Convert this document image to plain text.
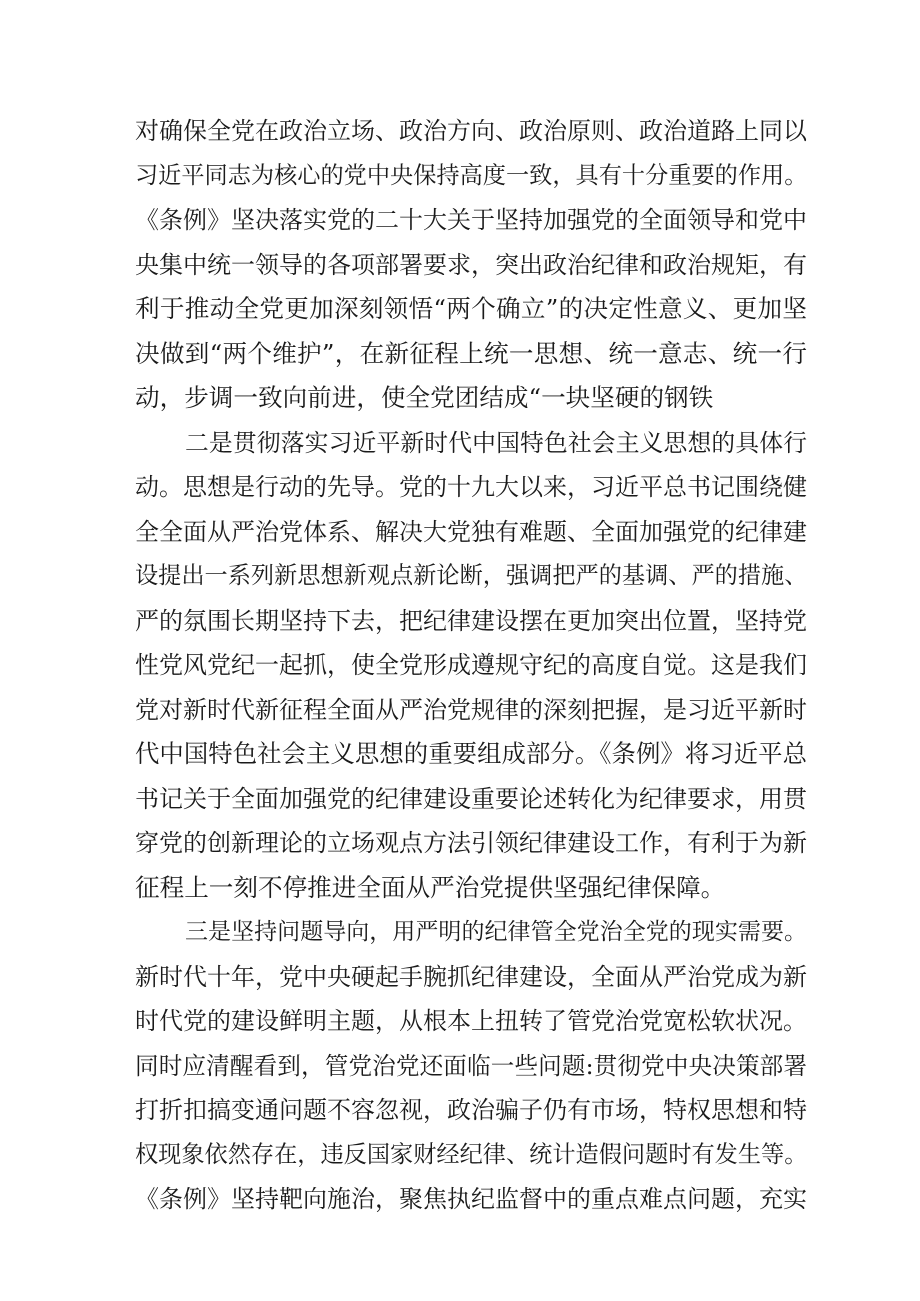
对确保全党在政治立场、政治方向、政治原则、政治道路上同以
习近平同志为核心的党中央保持高度一致，具有十分重要的作用。
《条例》坚决落实党的二十大关于坚持加强党的全面领导和党中
央集中统一领导的各项部署要求，突出政治纪律和政治规矩，有
利于推动全党更加深刻领悟“两个确立”的决定性意义、更加坚
决做到“两个维护”，在新征程上统一思想、统一意志、统一行
动，步调一致向前进，使全党团结成“一块坚硬的钢铁
二是贯彻落实习近平新时代中国特色社会主义思想的具体行
动。思想是行动的先导。党的十九大以来，习近平总书记围绕健
全全面从严治党体系、解决大党独有难题、全面加强党的纪律建
设提出一系列新思想新观点新论断，强调把严的基调、严的措施、
严的氛围长期坚持下去，把纪律建设摆在更加突出位置，坚持党
性党风党纪一起抓，使全党形成遵规守纪的高度自觉。这是我们
党对新时代新征程全面从严治党规律的深刻把握，是习近平新时
代中国特色社会主义思想的重要组成部分。《条例》将习近平总
书记关于全面加强党的纪律建设重要论述转化为纪律要求，用贯
穿党的创新理论的立场观点方法引领纪律建设工作，有利于为新
征程上一刻不停推进全面从严治党提供坚强纪律保障。
三是坚持问题导向，用严明的纪律管全党治全党的现实需要。
新时代十年，党中央硬起手腕抓纪律建设，全面从严治党成为新
时代党的建设鲜明主题，从根本上扭转了管党治党宽松软状况。
同时应清醒看到，管党治党还面临一些问题:贯彻党中央决策部署
打折扣搞变通问题不容忽视，政治骗子仍有市场，特权思想和特
权现象依然存在，违反国家财经纪律、统计造假问题时有发生等。
《条例》坚持靶向施治，聚焦执纪监督中的重点难点问题，充实
